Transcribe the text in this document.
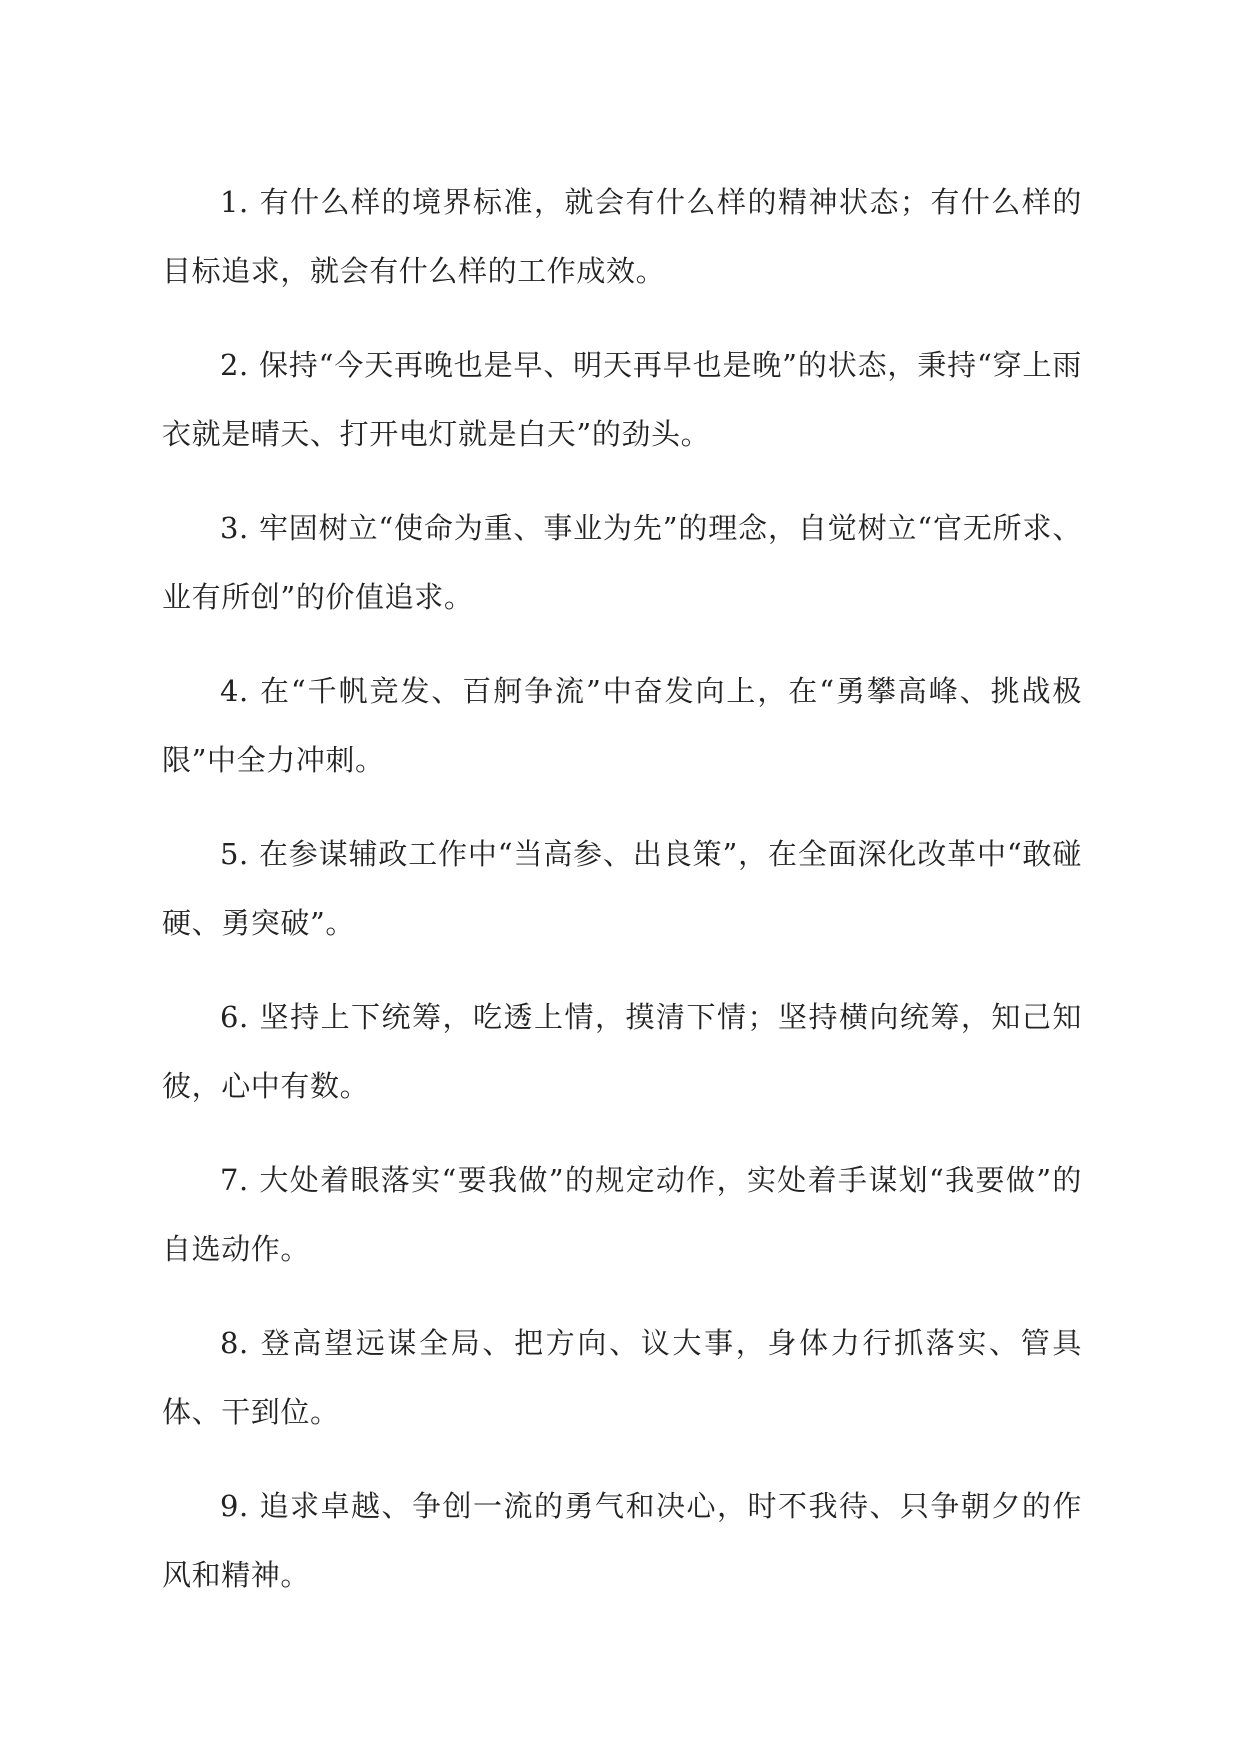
1. 有什么样的境界标准，就会有什么样的精神状态；有什么样的目标追求，就会有什么样的工作成效。

2. 保持“今天再晚也是早、明天再早也是晚”的状态，秉持“穿上雨衣就是晴天、打开电灯就是白天”的劲头。

3. 牢固树立“使命为重、事业为先”的理念，自觉树立“官无所求、业有所创”的价值追求。

4. 在“千帆竞发、百舸争流”中奋发向上，在“勇攀高峰、挑战极限”中全力冲刺。

5. 在参谋辅政工作中“当高参、出良策”，在全面深化改革中“敢碰硬、勇突破”。

6. 坚持上下统筹，吃透上情，摸清下情；坚持横向统筹，知己知彼，心中有数。

7. 大处着眼落实“要我做”的规定动作，实处着手谋划“我要做”的自选动作。

8. 登高望远谋全局、把方向、议大事，身体力行抓落实、管具体、干到位。

9. 追求卓越、争创一流的勇气和决心，时不我待、只争朝夕的作风和精神。
